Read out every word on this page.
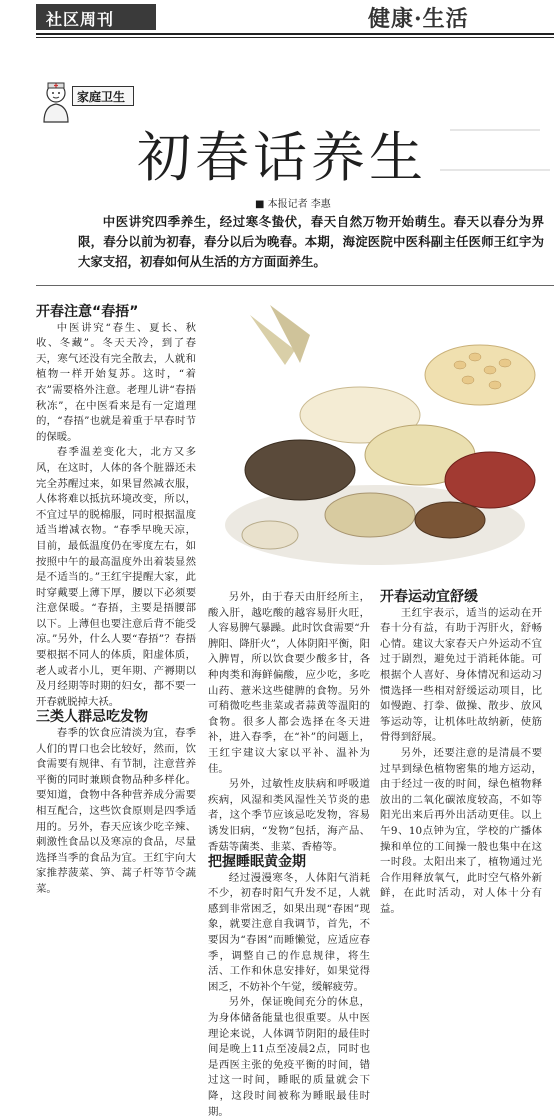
社区周刊	健康·生活
家庭卫生
初春话养生
■ 本报记者 李惠
中医讲究四季养生，经过寒冬蛰伏，春天自然万物开始萌生。春天以春分为界限，春分以前为初春，春分以后为晚春。本期，海淀医院中医科副主任医师王红宇为大家支招，初春如何从生活的方方面面养生。
开春注意“春捂”

中医讲究“春生、夏长、秋收、冬藏”。冬天天冷，到了春天，寒气还没有完全散去，人就和植物一样开始复苏。这时，“着衣”需要格外注意。老理儿讲“春捂秋冻”，在中医看来是有一定道理的，“春捂”也就是着重于早春时节的保暖。

春季温差变化大，北方又多风，在这时，人体的各个脏器还未完全苏醒过来，如果冒然减衣服，人体将难以抵抗环境改变，所以，不宜过早的脱棉服，同时根据温度适当增减衣物。“春季早晚天凉，目前，最低温度仍在零度左右，如按照中午的最高温度外出着装显然是不适当的。”王红宇提醒大家，此时穿戴要上薄下厚，腰以下必须要注意保暖。“春捂，主要是捂腰部以下。上薄但也要注意后背不能受凉。”另外，什么人要“春捂”？春捂要根据不同人的体质，阳虚体质，老人或者小儿，更年期、产褥期以及月经期等时期的妇女，都不要一开春就脱掉大袄。

三类人群忌吃发物

春季的饮食应清淡为宜，春季人们的胃口也会比较好，然而，饮食需要有规律、有节制，注意营养平衡的同时兼顾食物品种多样化。要知道，食物中各种营养成分需要相互配合，这些饮食原则是四季适用的。另外，春天应该少吃辛辣、刺激性食品以及寒凉的食品，尽量选择当季的食品为宜。王红宇向大家推荐菠菜、笋、蒿子杆等节令蔬菜。

另外，由于春天由肝经所主，酸入肝，越吃酸的越容易肝火旺，人容易脾气暴躁。此时饮食需要“升脾阳、降肝火”，人体阴阳平衡，阳入脾胃，所以饮食要少酸多甘，各种肉类和海鲜偏酸，应少吃，多吃山药、薏米这些健脾的食物。另外可稍微吃些韭菜或者蒜黄等温阳的食物。很多人都会选择在冬天进补，进入春季，在“补”的问题上，王红宇建议大家以平补、温补为佳。

另外，过敏性皮肤病和呼吸道疾病，风湿和类风湿性关节炎的患者，这个季节应该忌吃发物，容易诱发旧病，“发物”包括，海产品、香菇等菌类、韭菜、香椿等。

把握睡眠黄金期

经过漫漫寒冬，人体阳气消耗不少，初春时阳气升发不足，人就感到非常困乏，如果出现“春困”现象，就要注意自我调节，首先，不要因为“春困”而睡懒觉，应适应春季，调整自己的作息规律，将生活、工作和休息安排好，如果觉得困乏，不妨补个午觉，缓解疲劳。

另外，保证晚间充分的休息，为身体储备能量也很重要。从中医理论来说，人体调节阴阳的最佳时间是晚上11点至凌晨2点，同时也是西医主张的免疫平衡的时间，错过这一时间，睡眠的质量就会下降，这段时间被称为睡眠最佳时期。

开春运动宜舒缓

王红宇表示，适当的运动在开春十分有益，有助于泻肝火，舒畅心情。建议大家春天户外运动不宜过于剧烈，避免过于消耗体能。可根据个人喜好、身体情况和运动习惯选择一些相对舒缓运动项目，比如慢跑、打拳、做操、散步、放风筝运动等，让机体吐故纳新，使筋骨得到舒展。

另外，还要注意的是清晨不要过早到绿色植物密集的地方运动，由于经过一夜的时间，绿色植物释放出的二氧化碳浓度较高，不如等阳光出来后再外出活动更佳。以上午9、10点钟为宜，学校的广播体操和单位的工间操一般也集中在这一时段。太阳出来了，植物通过光合作用释放氧气，此时空气格外新鲜，在此时活动，对人体十分有益。
